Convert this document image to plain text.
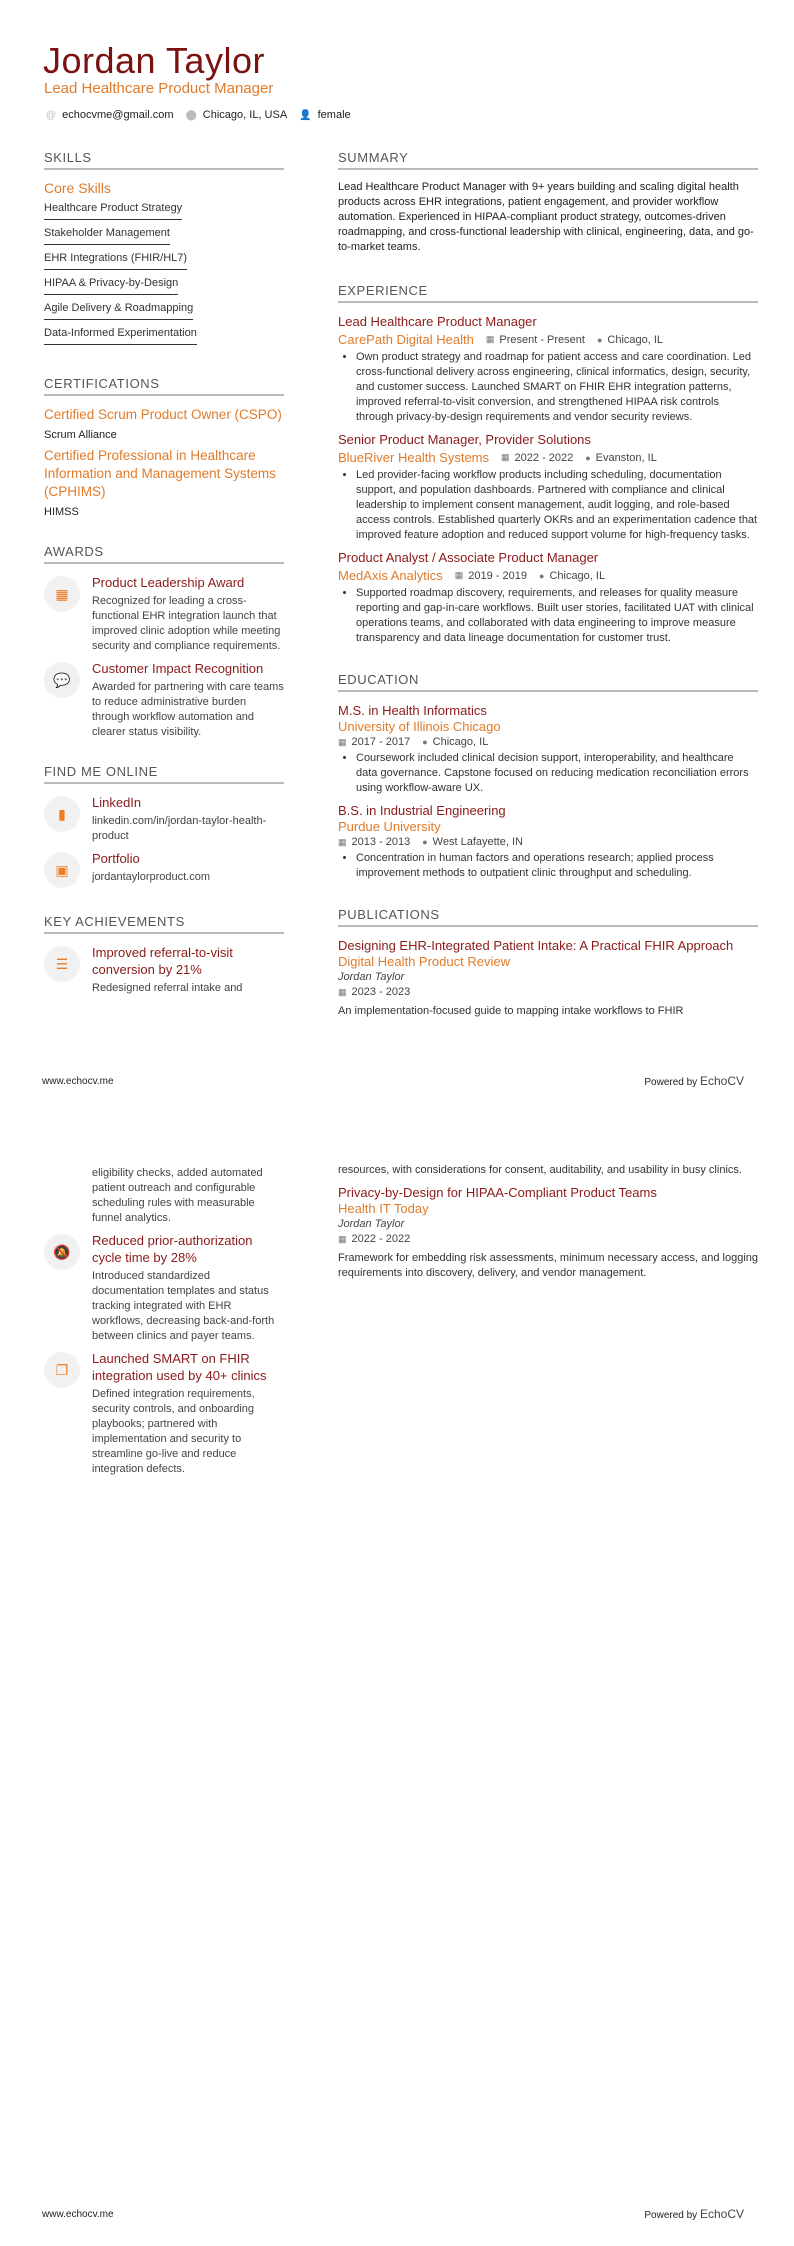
Jordan Taylor
Lead Healthcare Product Manager
@ echocvme@gmail.com ⬤ Chicago, IL, USA 👤 female
SKILLS
Core Skills
Healthcare Product Strategy
Stakeholder Management
EHR Integrations (FHIR/HL7)
HIPAA & Privacy-by-Design
Agile Delivery & Roadmapping
Data-Informed Experimentation
CERTIFICATIONS
Certified Scrum Product Owner (CSPO)
Scrum Alliance
Certified Professional in Healthcare Information and Management Systems (CPHIMS)
HIMSS
AWARDS
▦
Product Leadership Award
Recognized for leading a cross-functional EHR integration launch that improved clinic adoption while meeting security and compliance requirements.
💬
Customer Impact Recognition
Awarded for partnering with care teams to reduce administrative burden through workflow automation and clearer status visibility.
FIND ME ONLINE
▮
LinkedIn
linkedin.com/in/jordan-taylor-health-product
▣
Portfolio
jordantaylorproduct.com
KEY ACHIEVEMENTS
☰
Improved referral-to-visit conversion by 21%
Redesigned referral intake and
SUMMARY
Lead Healthcare Product Manager with 9+ years building and scaling digital health products across EHR integrations, patient engagement, and provider workflow automation. Experienced in HIPAA-compliant product strategy, outcomes-driven roadmapping, and cross-functional leadership with clinical, engineering, data, and go-to-market teams.
EXPERIENCE
Lead Healthcare Product Manager
CarePath Digital Health ▦ Present - Present ● Chicago, IL
• Own product strategy and roadmap for patient access and care coordination. Led cross-functional delivery across engineering, clinical informatics, design, security, and customer success. Launched SMART on FHIR EHR integration patterns, improved referral-to-visit conversion, and strengthened HIPAA risk controls through privacy-by-design requirements and vendor security reviews.
Senior Product Manager, Provider Solutions
BlueRiver Health Systems ▦ 2022 - 2022 ● Evanston, IL
• Led provider-facing workflow products including scheduling, documentation support, and population dashboards. Partnered with compliance and clinical leadership to implement consent management, audit logging, and role-based access controls. Established quarterly OKRs and an experimentation cadence that improved feature adoption and reduced support volume for high-frequency tasks.
Product Analyst / Associate Product Manager
MedAxis Analytics ▦ 2019 - 2019 ● Chicago, IL
• Supported roadmap discovery, requirements, and releases for quality measure reporting and gap-in-care workflows. Built user stories, facilitated UAT with clinical operations teams, and collaborated with data engineering to improve measure transparency and data lineage documentation for customer trust.
EDUCATION
M.S. in Health Informatics
University of Illinois Chicago
▦ 2017 - 2017 ● Chicago, IL
• Coursework included clinical decision support, interoperability, and healthcare data governance. Capstone focused on reducing medication reconciliation errors using workflow-aware UX.
B.S. in Industrial Engineering
Purdue University
▦ 2013 - 2013 ● West Lafayette, IN
• Concentration in human factors and operations research; applied process improvement methods to outpatient clinic throughput and scheduling.
PUBLICATIONS
Designing EHR-Integrated Patient Intake: A Practical FHIR Approach
Digital Health Product Review
Jordan Taylor
▦ 2023 - 2023
An implementation-focused guide to mapping intake workflows to FHIR
www.echocv.me	Powered by EchoCV
eligibility checks, added automated patient outreach and configurable scheduling rules with measurable funnel analytics.
🔕
Reduced prior-authorization cycle time by 28%
Introduced standardized documentation templates and status tracking integrated with EHR workflows, decreasing back-and-forth between clinics and payer teams.
❐
Launched SMART on FHIR integration used by 40+ clinics
Defined integration requirements, security controls, and onboarding playbooks; partnered with implementation and security to streamline go-live and reduce integration defects.
resources, with considerations for consent, auditability, and usability in busy clinics.
Privacy-by-Design for HIPAA-Compliant Product Teams
Health IT Today
Jordan Taylor
▦ 2022 - 2022
Framework for embedding risk assessments, minimum necessary access, and logging requirements into discovery, delivery, and vendor management.
www.echocv.me	Powered by EchoCV
